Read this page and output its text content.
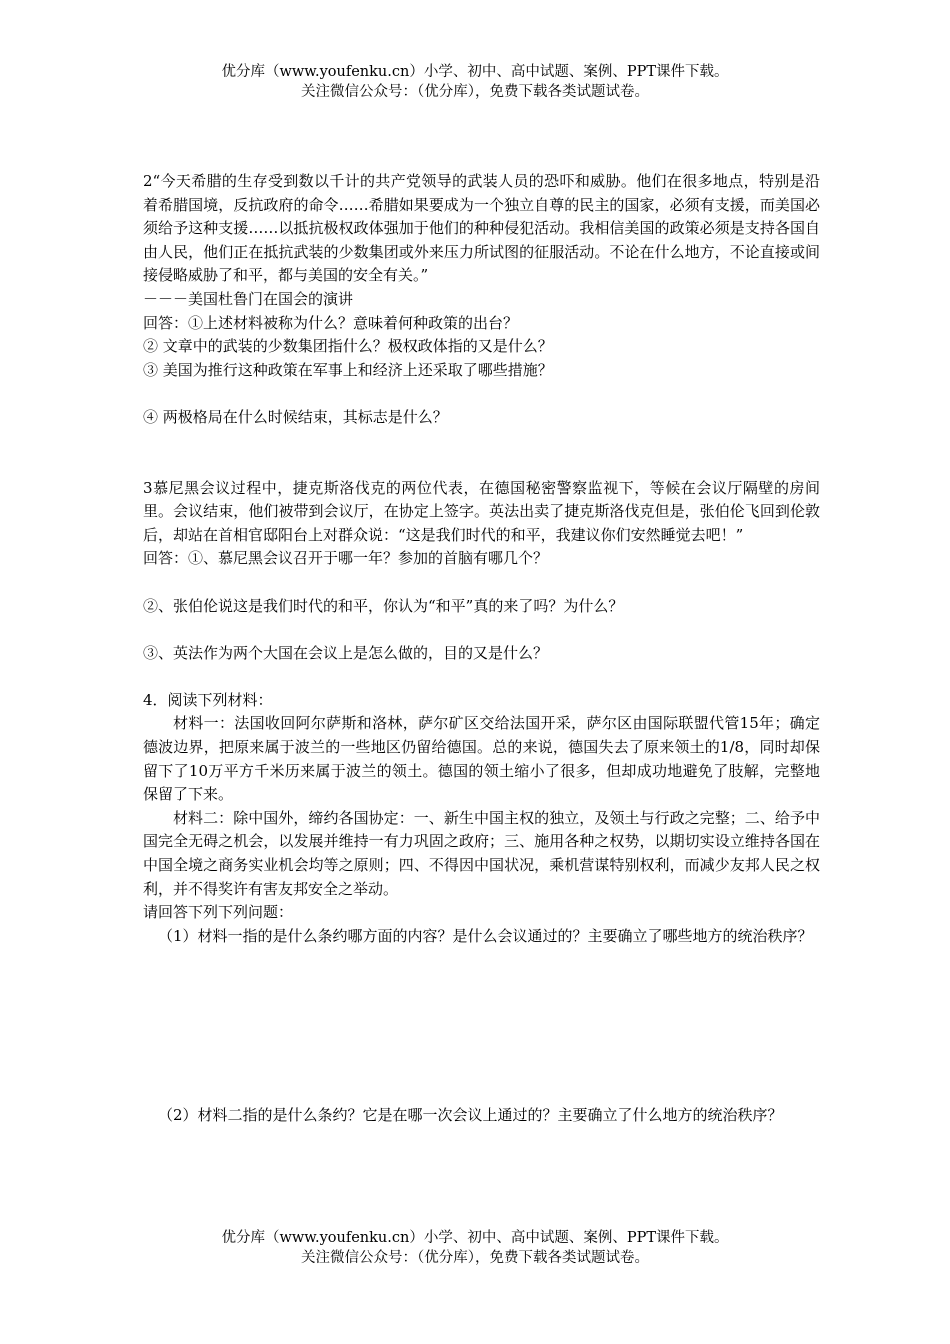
优分库（www.youfenku.cn）小学、初中、高中试题、案例、PPT课件下载。
关注微信公众号：（优分库），免费下载各类试题试卷。

2“今天希腊的生存受到数以千计的共产党领导的武装人员的恐吓和威胁。他们在很多地点，特别是沿着希腊国境，反抗政府的命令……希腊如果要成为一个独立自尊的民主的国家，必须有支援，而美国必须给予这种支援……以抵抗极权政体强加于他们的种种侵犯活动。我相信美国的政策必须是支持各国自由人民，他们正在抵抗武装的少数集团或外来压力所试图的征服活动。不论在什么地方，不论直接或间接侵略威胁了和平，都与美国的安全有关。”

－－－美国杜鲁门在国会的演讲

回答：①上述材料被称为什么？意味着何种政策的出台？

② 文章中的武装的少数集团指什么？极权政体指的又是什么？

③ 美国为推行这种政策在军事上和经济上还采取了哪些措施？

④ 两极格局在什么时候结束，其标志是什么？

3慕尼黑会议过程中，捷克斯洛伐克的两位代表，在德国秘密警察监视下，等候在会议厅隔壁的房间里。会议结束，他们被带到会议厅，在协定上签字。英法出卖了捷克斯洛伐克但是，张伯伦飞回到伦敦后，却站在首相官邸阳台上对群众说：“这是我们时代的和平，我建议你们安然睡觉去吧！”

回答：①、慕尼黑会议召开于哪一年？参加的首脑有哪几个？

②、张伯伦说这是我们时代的和平，你认为“和平”真的来了吗？为什么？

③、英法作为两个大国在会议上是怎么做的，目的又是什么？

4．阅读下列材料：

材料一：法国收回阿尔萨斯和洛林，萨尔矿区交给法国开采，萨尔区由国际联盟代管15年；确定德波边界，把原来属于波兰的一些地区仍留给德国。总的来说，德国失去了原来领土的1/8，同时却保留下了10万平方千米历来属于波兰的领土。德国的领土缩小了很多，但却成功地避免了肢解，完整地保留了下来。

材料二：除中国外，缔约各国协定：一、新生中国主权的独立，及领土与行政之完整；二、给予中国完全无碍之机会，以发展并维持一有力巩固之政府；三、施用各种之权势，以期切实设立维持各国在中国全境之商务实业机会均等之原则；四、不得因中国状况，乘机营谋特别权利，而减少友邦人民之权利，并不得奖许有害友邦安全之举动。

请回答下列下列问题：

（1）材料一指的是什么条约哪方面的内容？是什么会议通过的？主要确立了哪些地方的统治秩序？

（2）材料二指的是什么条约？它是在哪一次会议上通过的？主要确立了什么地方的统治秩序？

优分库（www.youfenku.cn）小学、初中、高中试题、案例、PPT课件下载。
关注微信公众号：（优分库），免费下载各类试题试卷。
